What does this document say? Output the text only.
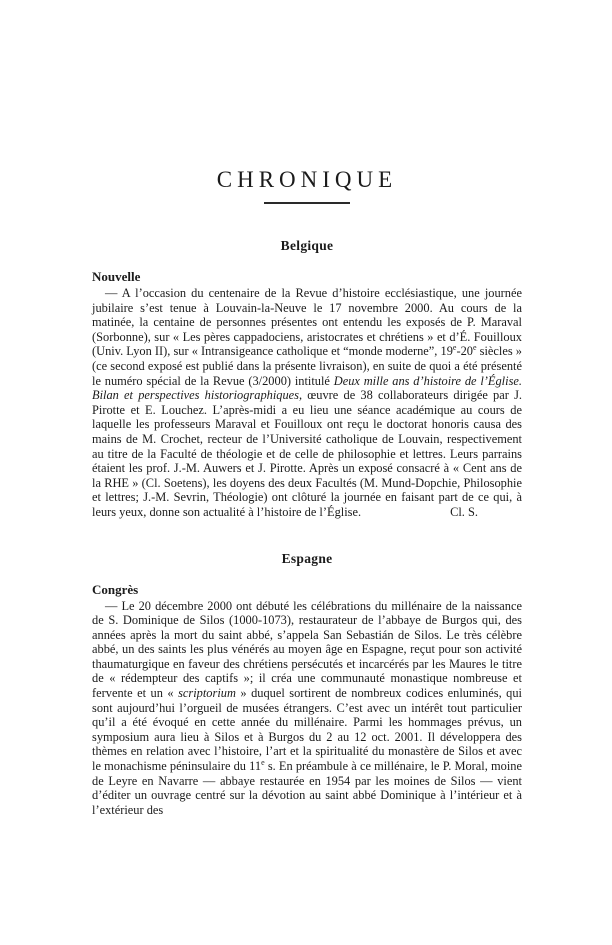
CHRONIQUE
Belgique
Nouvelle

— A l’occasion du centenaire de la Revue d’histoire ecclésiastique, une journée jubilaire s’est tenue à Louvain-la-Neuve le 17 novembre 2000. Au cours de la matinée, la centaine de personnes présentes ont entendu les exposés de P. Maraval (Sorbonne), sur « Les pères cappadociens, aristocrates et chrétiens » et d’É. Fouilloux (Univ. Lyon II), sur « Intransigeance catholique et “monde moderne”, 19e-20e siècles » (ce second exposé est publié dans la présente livraison), en suite de quoi a été présenté le numéro spécial de la Revue (3/2000) intitulé Deux mille ans d’histoire de l’Église. Bilan et perspectives historiographiques, œuvre de 38 collaborateurs dirigée par J. Pirotte et E. Louchez. L’après-midi a eu lieu une séance académique au cours de laquelle les professeurs Maraval et Fouilloux ont reçu le doctorat honoris causa des mains de M. Crochet, recteur de l’Université catholique de Louvain, respectivement au titre de la Faculté de théologie et de celle de philosophie et lettres. Leurs parrains étaient les prof. J.-M. Auwers et J. Pirotte. Après un exposé consacré à « Cent ans de la RHE » (Cl. Soetens), les doyens des deux Facultés (M. Mund-Dopchie, Philosophie et lettres; J.-M. Sevrin, Théologie) ont clôturé la journée en faisant part de ce qui, à leurs yeux, donne son actualité à l’histoire de l’Église.	Cl. S.

Espagne
Congrès

— Le 20 décembre 2000 ont débuté les célébrations du millénaire de la naissance de S. Dominique de Silos (1000-1073), restaurateur de l’abbaye de Burgos qui, des années après la mort du saint abbé, s’appela San Sebastián de Silos. Le très célèbre abbé, un des saints les plus vénérés au moyen âge en Espagne, reçut pour son activité thaumaturgique en faveur des chrétiens persécutés et incarcérés par les Maures le titre de « rédempteur des captifs »; il créa une communauté monastique nombreuse et fervente et un « scriptorium » duquel sortirent de nombreux codices enluminés, qui sont aujourd’hui l’orgueil de musées étrangers. C’est avec un intérêt tout particulier qu’il a été évoqué en cette année du millénaire. Parmi les hommages prévus, un symposium aura lieu à Silos et à Burgos du 2 au 12 oct. 2001. Il développera des thèmes en relation avec l’histoire, l’art et la spiritualité du monastère de Silos et avec le monachisme péninsulaire du 11e s. En préambule à ce millénaire, le P. Moral, moine de Leyre en Navarre — abbaye restaurée en 1954 par les moines de Silos — vient d’éditer un ouvrage centré sur la dévotion au saint abbé Dominique à l’intérieur et à l’extérieur des
